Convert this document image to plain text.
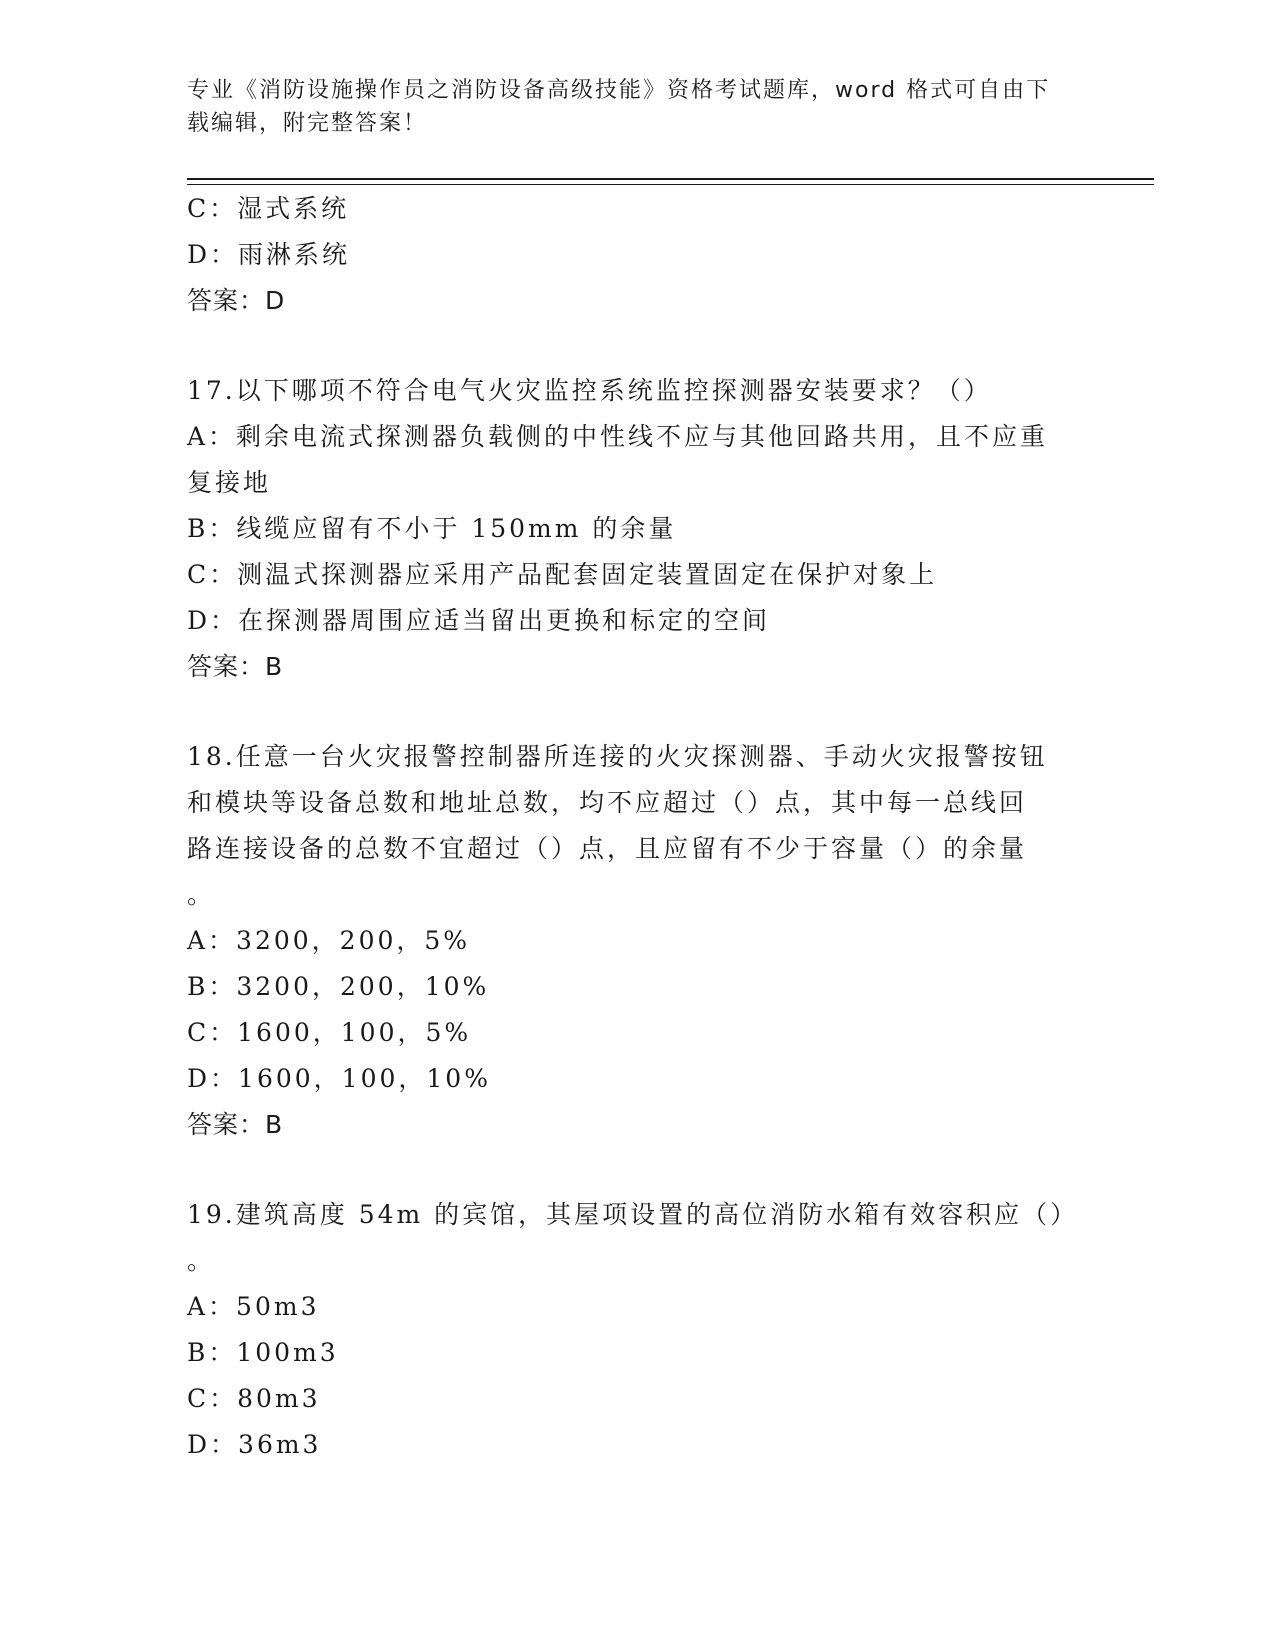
专业《消防设施操作员之消防设备高级技能》资格考试题库，word 格式可自由下
载编辑，附完整答案！
C：湿式系统
D：雨淋系统
答案：D
17.以下哪项不符合电气火灾监控系统监控探测器安装要求？（）
A：剩余电流式探测器负载侧的中性线不应与其他回路共用，且不应重
复接地
B：线缆应留有不小于 150mm 的余量
C：测温式探测器应采用产品配套固定装置固定在保护对象上
D：在探测器周围应适当留出更换和标定的空间
答案：B
18.任意一台火灾报警控制器所连接的火灾探测器、手动火灾报警按钮
和模块等设备总数和地址总数，均不应超过（）点，其中每一总线回
路连接设备的总数不宜超过（）点，且应留有不少于容量（）的余量
。
A：3200，200，5%
B：3200，200，10%
C：1600，100，5%
D：1600，100，10%
答案：B
19.建筑高度 54m 的宾馆，其屋项设置的高位消防水箱有效容积应（）
。
A：50m3
B：100m3
C：80m3
D：36m3
